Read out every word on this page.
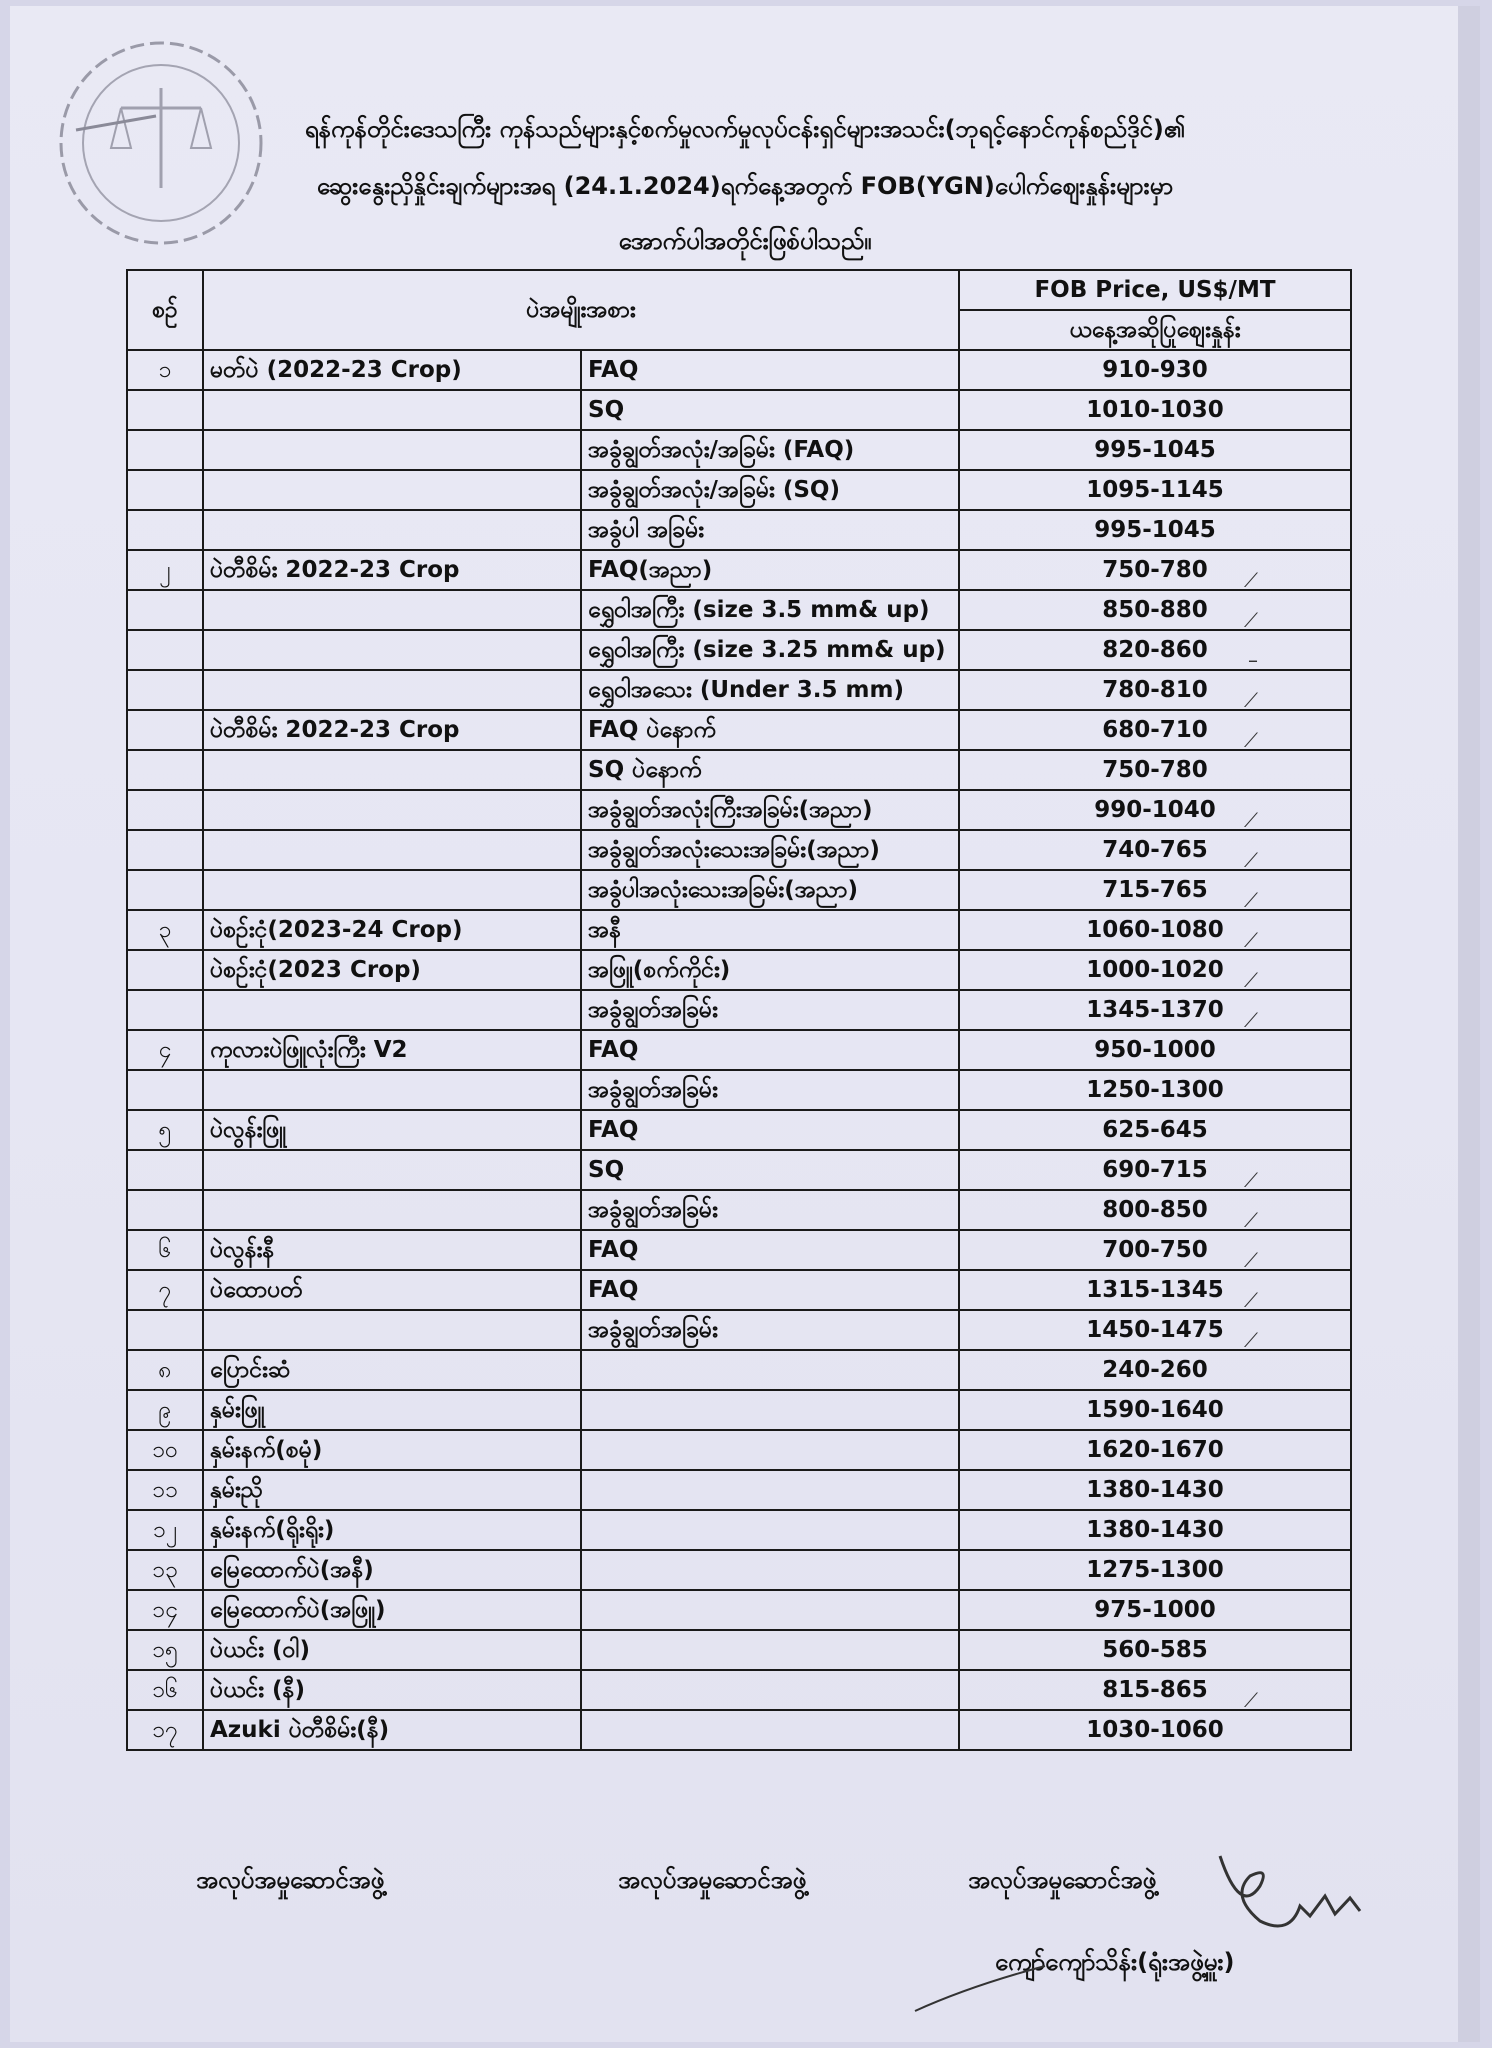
ရန်ကုန်တိုင်းဒေသကြီး ကုန်သည်များနှင့်စက်မှုလက်မှုလုပ်ငန်းရှင်များအသင်း(ဘုရင့်နောင်ကုန်စည်ဒိုင်)၏
ဆွေးနွေးညှိနှိုင်းချက်များအရ (24.1.2024)ရက်နေ့အတွက် FOB(YGN)ပေါက်ဈေးနှုန်းများမှာ
အောက်ပါအတိုင်းဖြစ်ပါသည်။
စဉ်	ပဲအမျိုးအစား		FOB Price, US$/MT
			ယနေ့အဆိုပြုဈေးနှုန်း
၁	မတ်ပဲ (2022-23 Crop)	FAQ	910-930

		SQ	1010-1030

		အခွံချွတ်အလုံး/အခြမ်း (FAQ)	995-1045

		အခွံချွတ်အလုံး/အခြမ်း (SQ)	1095-1145

		အခွံပါ အခြမ်း	995-1045

၂	ပဲတီစိမ်း 2022-23 Crop	FAQ(အညာ)	750-780 ⟋

		ရွှေဝါအကြီး (size 3.5 mm& up)	850-880 ⟋

		ရွှေဝါအကြီး (size 3.25 mm& up)	820-860 –

		ရွှေဝါအသေး (Under 3.5 mm)	780-810 ⟋

	ပဲတီစိမ်း 2022-23 Crop	FAQ ပဲနောက်	680-710 ⟋

		SQ ပဲနောက်	750-780

		အခွံချွတ်အလုံးကြီးအခြမ်း(အညာ)	990-1040 ⟋

		အခွံချွတ်အလုံးသေးအခြမ်း(အညာ)	740-765 ⟋

		အခွံပါအလုံးသေးအခြမ်း(အညာ)	715-765 ⟋

၃	ပဲစဉ်းငုံ(2023-24 Crop)	အနီ	1060-1080 ⟋

	ပဲစဉ်းငုံ(2023 Crop)	အဖြူ(စက်ကိုင်း)	1000-1020 ⟋

		အခွံချွတ်အခြမ်း	1345-1370 ⟋

၄	ကုလားပဲဖြူလုံးကြီး V2	FAQ	950-1000

		အခွံချွတ်အခြမ်း	1250-1300

၅	ပဲလွန်းဖြူ	FAQ	625-645

		SQ	690-715 ⟋

		အခွံချွတ်အခြမ်း	800-850 ⟋

၆	ပဲလွန်းနီ	FAQ	700-750 ⟋

၇	ပဲထောပတ်	FAQ	1315-1345 ⟋

		အခွံချွတ်အခြမ်း	1450-1475 ⟋

၈	ပြောင်းဆံ		240-260

၉	နှမ်းဖြူ		1590-1640

၁၀	နှမ်းနက်(စမုံ)		1620-1670

၁၁	နှမ်းညို		1380-1430

၁၂	နှမ်းနက်(ရိုးရိုး)		1380-1430

၁၃	မြေထောက်ပဲ(အနီ)		1275-1300

၁၄	မြေထောက်ပဲ(အဖြူ)		975-1000

၁၅	ပဲယင်း (ဝါ)		560-585

၁၆	ပဲယင်း (နီ)		815-865 ⟋

၁၇	Azuki ပဲတီစိမ်း(နီ)		1030-1060
အလုပ်အမှုဆောင်အဖွဲ့	အလုပ်အမှုဆောင်အဖွဲ့	အလုပ်အမှုဆောင်အဖွဲ့
ကျော်ကျော်သိန်း(ရုံးအဖွဲ့မှူး)
